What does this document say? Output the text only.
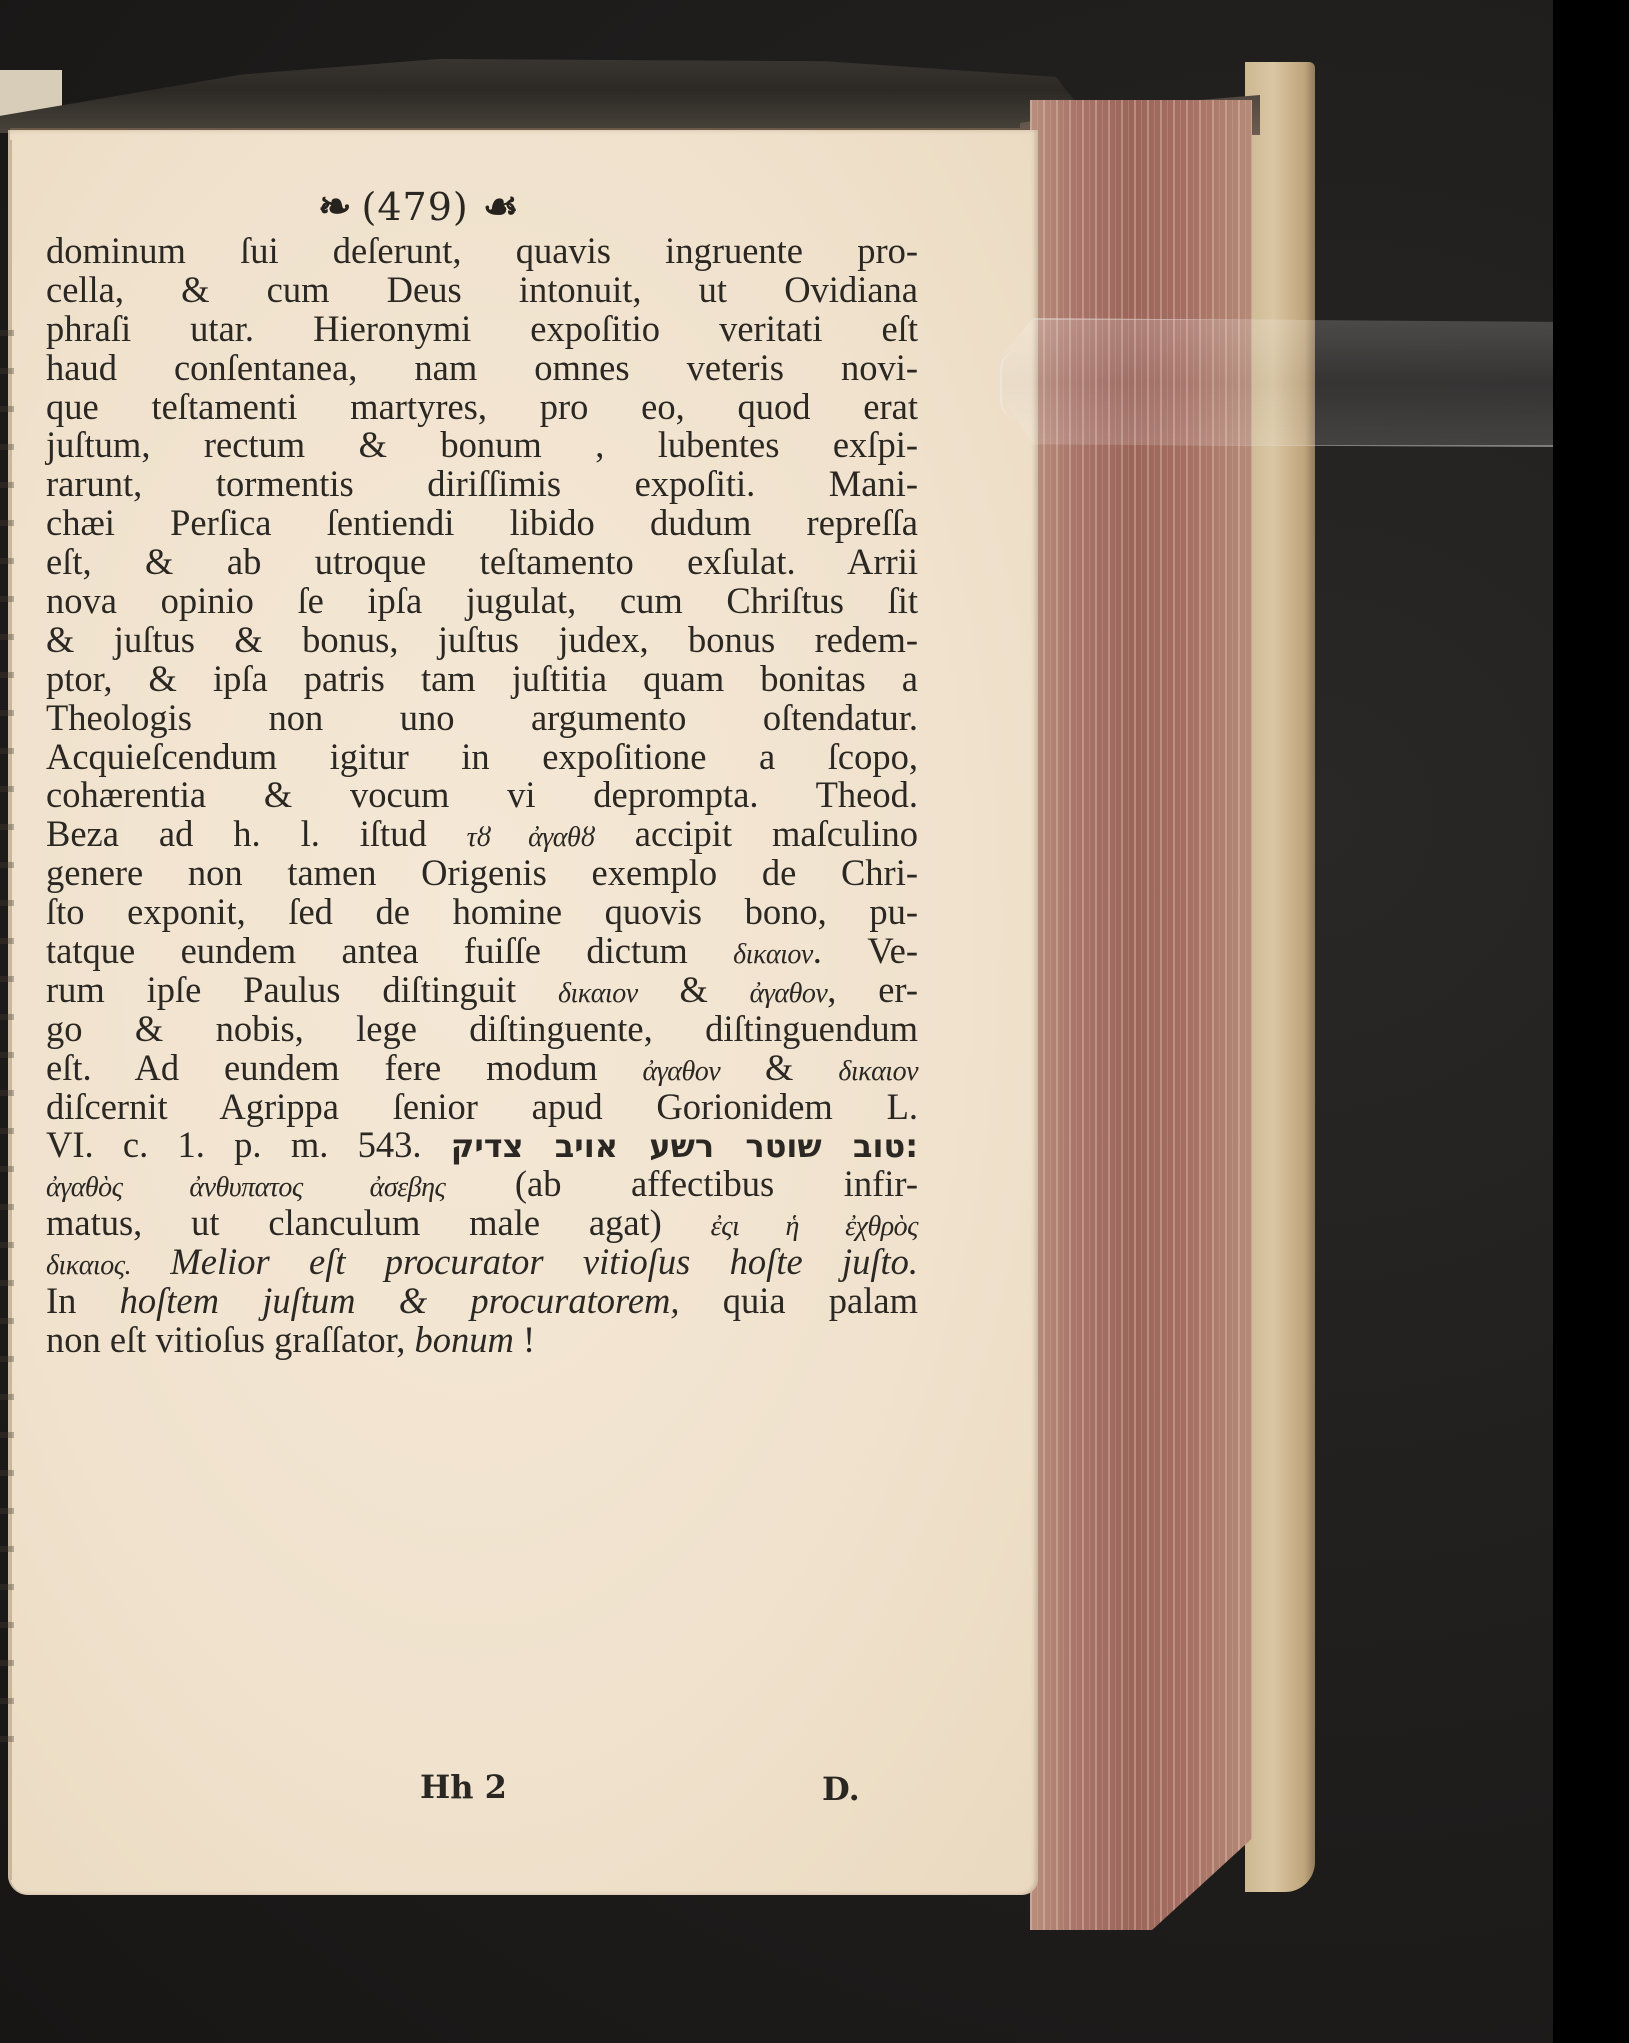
❧ (479) ☙
dominum ſui deſerunt, quavis ingruente pro-
cella, & cum Deus intonuit, ut Ovidiana
phraſi utar. Hieronymi expoſitio veritati eſt
haud conſentanea, nam omnes veteris novi-
que teſtamenti martyres, pro eo, quod erat
juſtum, rectum & bonum , lubentes exſpi-
rarunt, tormentis diriſſimis expoſiti. Mani-
chæi Perſica ſentiendi libido dudum repreſſa
eſt, & ab utroque teſtamento exſulat. Arrii
nova opinio ſe ipſa jugulat, cum Chriſtus ſit
& juſtus & bonus, juſtus judex, bonus redem-
ptor, & ipſa patris tam juſtitia quam bonitas a
Theologis non uno argumento oſtendatur.
Acquieſcendum igitur in expoſitione a ſcopo,
cohærentia & vocum vi deprompta. Theod.
Beza ad h. l. iſtud τȣ ἀγαθȣ accipit maſculino
genere non tamen Origenis exemplo de Chri-
ſto exponit, ſed de homine quovis bono, pu-
tatque eundem antea fuiſſe dictum δικαιον. Ve-
rum ipſe Paulus diſtinguit δικαιον & ἀγαθον, er-
go & nobis, lege diſtinguente, diſtinguendum
eſt. Ad eundem fere modum ἀγαθον & δικαιον
diſcernit Agrippa ſenior apud Gorionidem L.
VI. c. 1. p. m. 543. :טוב שוטר רשע אויב צדיק
ἀγαθὸς ἀνθυπατος ἀσεβης (ab affectibus infir-
matus, ut clanculum male agat) ἐςι ἡ ἐχθρὸς
δικαιος. Melior eſt procurator vitioſus hoſte juſto.
In hoſtem juſtum & procuratorem, quia palam
non eſt vitioſus graſſator, bonum !
Hh 2	D.
